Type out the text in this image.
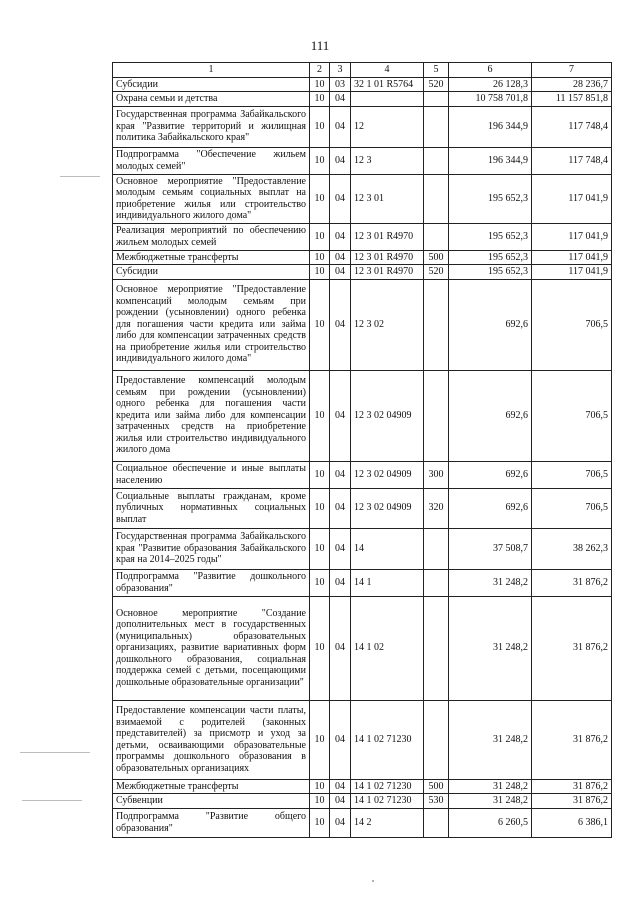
111
1	2	3	4	5	6	7
Субсидии	10	03	32 1 01 R5764	520	26 128,3	28 236,7
Охрана семьи и детства	10	04			10 758 701,8	11 157 851,8
Государственная программа Забайкальского края "Развитие территорий и жилищная политика Забайкальского края"	10	04	12		196 344,9	117 748,4
Подпрограмма "Обеспечение жильем молодых семей"	10	04	12 3		196 344,9	117 748,4
Основное мероприятие "Предоставление молодым семьям социальных выплат на приобретение жилья или строительство индивидуального жилого дома"	10	04	12 3 01		195 652,3	117 041,9
Реализация мероприятий по обеспечению жильем молодых семей	10	04	12 3 01 R4970		195 652,3	117 041,9
Межбюджетные трансферты	10	04	12 3 01 R4970	500	195 652,3	117 041,9
Субсидии	10	04	12 3 01 R4970	520	195 652,3	117 041,9
Основное мероприятие "Предоставление компенсаций молодым семьям при рождении (усыновлении) одного ребенка для погашения части кредита или займа либо для компенсации затраченных средств на приобретение жилья или строительство индивидуального жилого дома"	10	04	12 3 02		692,6	706,5
Предоставление компенсаций молодым семьям при рождении (усыновлении) одного ребенка для погашения части кредита или займа либо для компенсации затраченных средств на приобретение жилья или строительство индивидуального жилого дома	10	04	12 3 02 04909		692,6	706,5
Социальное обеспечение и иные выплаты населению	10	04	12 3 02 04909	300	692,6	706,5
Социальные выплаты гражданам, кроме публичных нормативных социальных выплат	10	04	12 3 02 04909	320	692,6	706,5
Государственная программа Забайкальского края "Развитие образования Забайкальского края на 2014–2025 годы"	10	04	14		37 508,7	38 262,3
Подпрограмма "Развитие дошкольного образования"	10	04	14 1		31 248,2	31 876,2
Основное мероприятие "Создание дополнительных мест в государственных (муниципальных) образовательных организациях, развитие вариативных форм дошкольного образования, социальная поддержка семей с детьми, посещающими дошкольные образовательные организации"	10	04	14 1 02		31 248,2	31 876,2
Предоставление компенсации части платы, взимаемой с родителей (законных представителей) за присмотр и уход за детьми, осваивающими образовательные программы дошкольного образования в образовательных организациях	10	04	14 1 02 71230		31 248,2	31 876,2
Межбюджетные трансферты	10	04	14 1 02 71230	500	31 248,2	31 876,2
Субвенции	10	04	14 1 02 71230	530	31 248,2	31 876,2
Подпрограмма "Развитие общего образования"	10	04	14 2		6 260,5	6 386,1
